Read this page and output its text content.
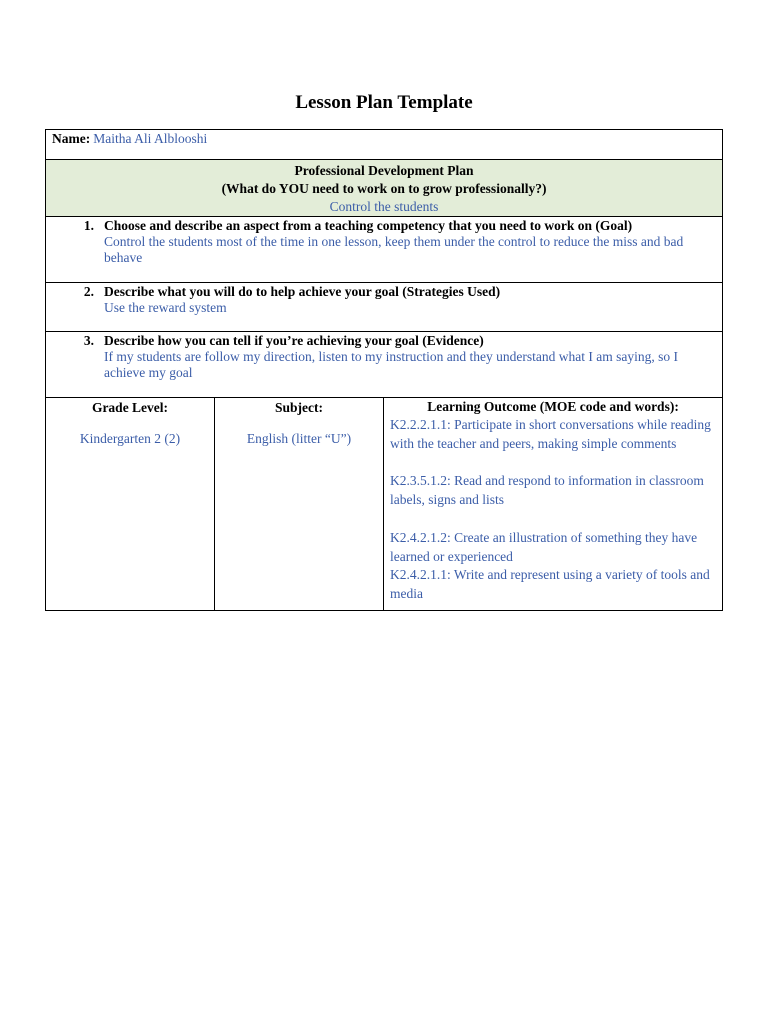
Lesson Plan Template
Name: Maitha Ali Alblooshi

Professional Development Plan
(What do YOU need to work on to grow professionally?)
Control the students

1. Choose and describe an aspect from a teaching competency that you need to work on (Goal)
Control the students most of the time in one lesson, keep them under the control to reduce the miss and bad behave

2. Describe what you will do to help achieve your goal (Strategies Used)
Use the reward system

3. Describe how you can tell if you’re achieving your goal (Evidence)
If my students are follow my direction, listen to my instruction and they understand what I am saying, so I achieve my goal

Grade Level:
Kindergarten 2 (2)

Subject:
English (litter “U”)

Learning Outcome (MOE code and words):

K2.2.2.1.1: Participate in short conversations while reading with the teacher and peers, making simple comments

K2.3.5.1.2: Read and respond to information in classroom labels, signs and lists

K2.4.2.1.2: Create an illustration of something they have learned or experienced

K2.4.2.1.1: Write and represent using a variety of tools and media
